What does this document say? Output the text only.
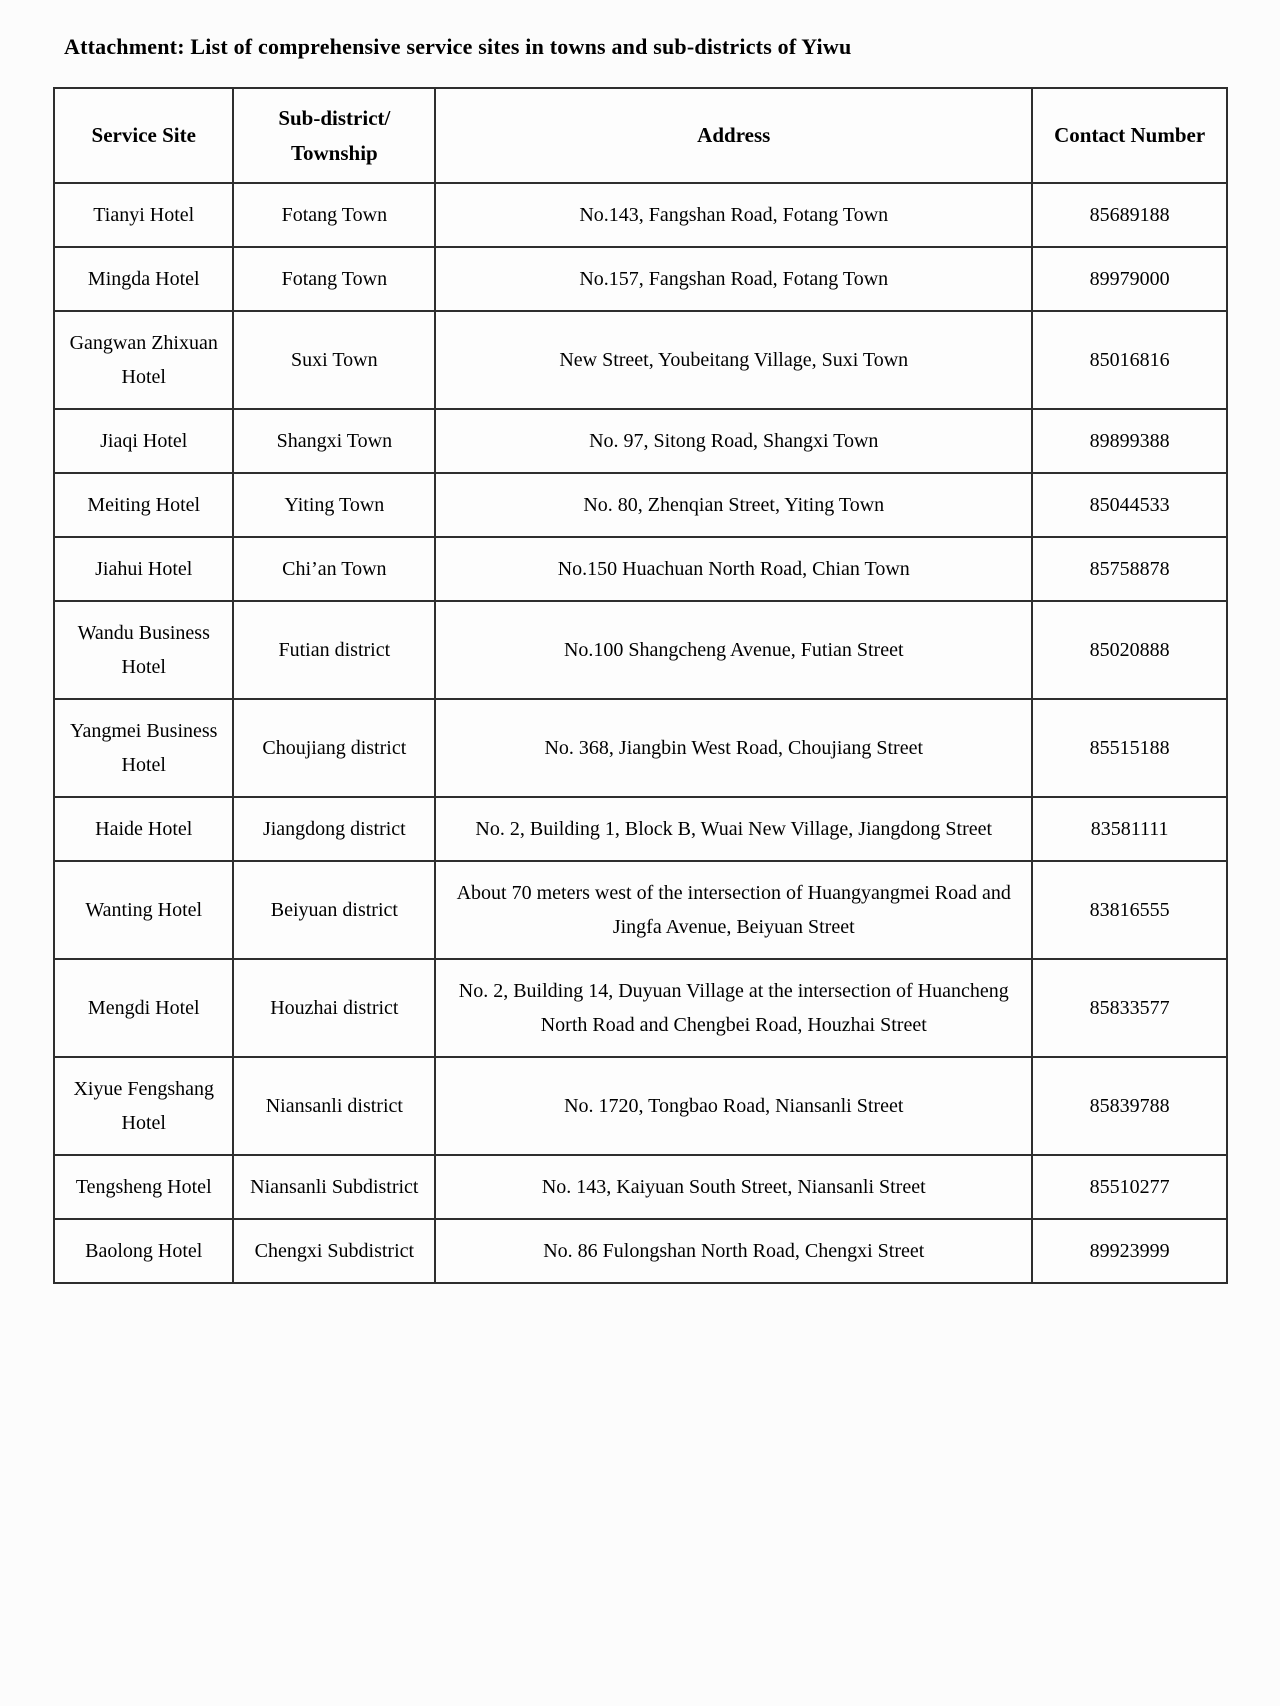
Attachment: List of comprehensive service sites in towns and sub-districts of Yiwu
Service Site	Sub-district/ Township	Address	Contact Number
Tianyi Hotel	Fotang Town	No.143, Fangshan Road, Fotang Town	85689188
Mingda Hotel	Fotang Town	No.157, Fangshan Road, Fotang Town	89979000
Gangwan Zhixuan Hotel	Suxi Town	New Street, Youbeitang Village, Suxi Town	85016816
Jiaqi Hotel	Shangxi Town	No. 97, Sitong Road, Shangxi Town	89899388
Meiting Hotel	Yiting Town	No. 80, Zhenqian Street, Yiting Town	85044533
Jiahui Hotel	Chi’an Town	No.150 Huachuan North Road, Chian Town	85758878
Wandu Business Hotel	Futian district	No.100 Shangcheng Avenue, Futian Street	85020888
Yangmei Business Hotel	Choujiang district	No. 368, Jiangbin West Road, Choujiang Street	85515188
Haide Hotel	Jiangdong district	No. 2, Building 1, Block B, Wuai New Village, Jiangdong Street	83581111
Wanting Hotel	Beiyuan district	About 70 meters west of the intersection of Huangyangmei Road and Jingfa Avenue, Beiyuan Street	83816555
Mengdi Hotel	Houzhai district	No. 2, Building 14, Duyuan Village at the intersection of Huancheng North Road and Chengbei Road, Houzhai Street	85833577
Xiyue Fengshang Hotel	Niansanli district	No. 1720, Tongbao Road, Niansanli Street	85839788
Tengsheng Hotel	Niansanli Subdistrict	No. 143, Kaiyuan South Street, Niansanli Street	85510277
Baolong Hotel	Chengxi Subdistrict	No. 86 Fulongshan North Road, Chengxi Street	89923999
